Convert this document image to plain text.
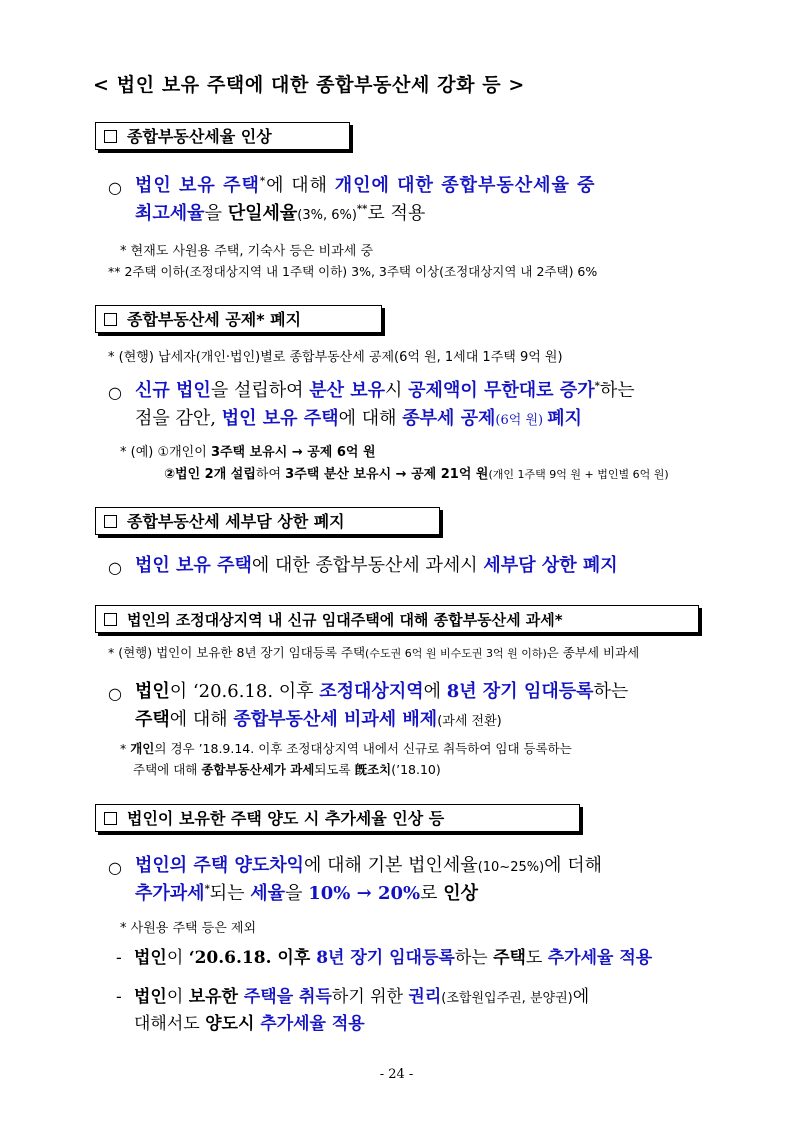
< 법인 보유 주택에 대한 종합부동산세 강화 등 >
종합부동산세율 인상
○ 법인 보유 주택*에 대해 개인에 대한 종합부동산세율 중
최고세율을 단일세율(3%, 6%)**로 적용
* 현재도 사원용 주택, 기숙사 등은 비과세 중
** 2주택 이하(조정대상지역 내 1주택 이하) 3%, 3주택 이상(조정대상지역 내 2주택) 6%
종합부동산세 공제* 폐지
* (현행) 납세자(개인·법인)별로 종합부동산세 공제(6억 원, 1세대 1주택 9억 원)
○ 신규 법인을 설립하여 분산 보유시 공제액이 무한대로 증가*하는
점을 감안, 법인 보유 주택에 대해 종부세 공제(6억 원) 폐지
* (예) ①개인이 3주택 보유시 → 공제 6억 원
②법인 2개 설립하여 3주택 분산 보유시 → 공제 21억 원(개인 1주택 9억 원 + 법인별 6억 원)
종합부동산세 세부담 상한 폐지
○ 법인 보유 주택에 대한 종합부동산세 과세시 세부담 상한 폐지
법인의 조정대상지역 내 신규 임대주택에 대해 종합부동산세 과세*
* (현행) 법인이 보유한 8년 장기 임대등록 주택(수도권 6억 원 비수도권 3억 원 이하)은 종부세 비과세
○ 법인이 ‘20.6.18. 이후 조정대상지역에 8년 장기 임대등록하는
주택에 대해 종합부동산세 비과세 배제(과세 전환)
* 개인의 경우 ’18.9.14. 이후 조정대상지역 내에서 신규로 취득하여 임대 등록하는
주택에 대해 종합부동산세가 과세되도록 旣조치(’18.10)
법인이 보유한 주택 양도 시 추가세율 인상 등
○ 법인의 주택 양도차익에 대해 기본 법인세율(10~25%)에 더해
추가과세*되는 세율을 10% → 20%로 인상
* 사원용 주택 등은 제외
- 법인이 ‘20.6.18. 이후 8년 장기 임대등록하는 주택도 추가세율 적용
- 법인이 보유한 주택을 취득하기 위한 권리(조합원입주권, 분양권)에
대해서도 양도시 추가세율 적용
- 24 -
